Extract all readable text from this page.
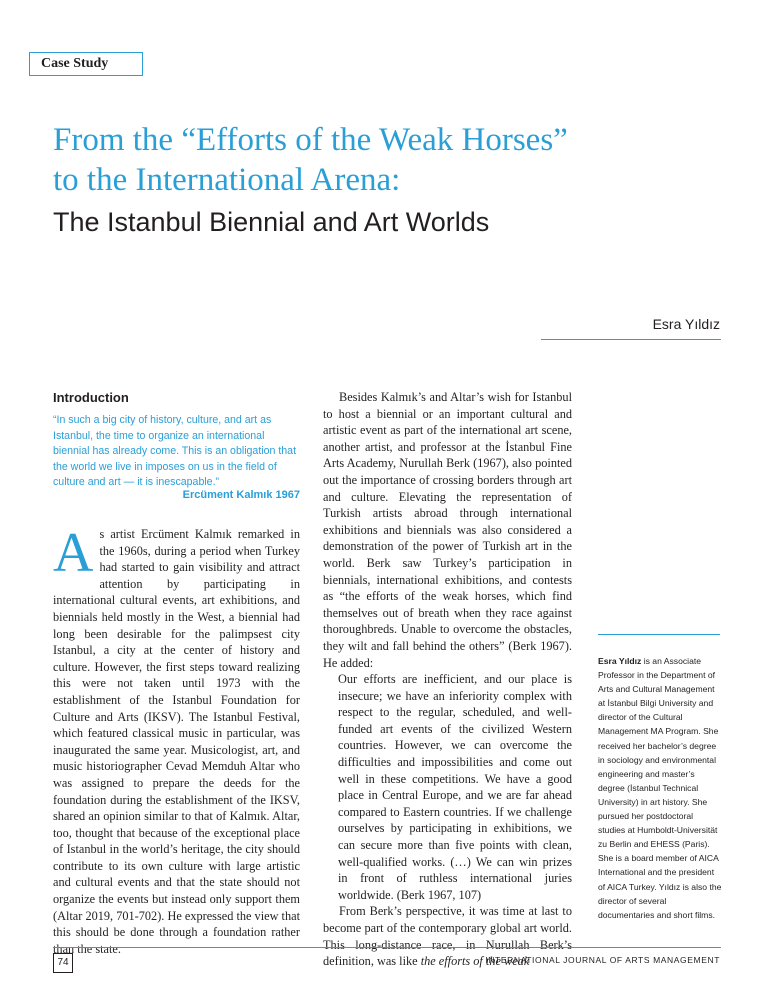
Case Study
From the “Efforts of the Weak Horses”
to the International Arena:
The Istanbul Biennial and Art Worlds
Esra Yıldız
Introduction
“In such a big city of history, culture, and art as Istanbul, the time to organize an international biennial has already come. This is an obligation that the world we live in imposes on us in the field of culture and art — it is inescapable.”
Ercüment Kalmık 1967

As artist Ercüment Kalmık remarked in the 1960s, during a period when Turkey had started to gain visibility and attract attention by participating in international cultural events, art exhibitions, and biennials held mostly in the West, a biennial had long been desirable for the palimpsest city Istanbul, a city at the center of history and culture. However, the first steps toward realizing this were not taken until 1973 with the establishment of the Istanbul Foundation for Culture and Arts (IKSV). The Istanbul Festival, which featured classical music in particular, was inaugurated the same year. Musicologist, art, and music historiographer Cevad Memduh Altar who was assigned to prepare the deeds for the foundation during the establishment of the IKSV, shared an opinion similar to that of Kalmık. Altar, too, thought that because of the exceptional place of Istanbul in the world’s heritage, the city should contribute to its own culture with large artistic and cultural events and that the state should not organize the events but instead only support them (Altar 2019, 701-702). He expressed the view that this should be done through a foundation rather than the state.

Besides Kalmık’s and Altar’s wish for Istanbul to host a biennial or an important cultural and artistic event as part of the international art scene, another artist, and professor at the İstanbul Fine Arts Academy, Nurullah Berk (1967), also pointed out the importance of crossing borders through art and culture. Elevating the representation of Turkish artists abroad through international exhibitions and biennials was also considered a demonstration of the power of Turkish art in the world. Berk saw Turkey’s participation in biennials, international exhibitions, and contests as “the efforts of the weak horses, which find themselves out of breath when they race against thoroughbreds. Unable to overcome the obstacles, they wilt and fall behind the others” (Berk 1967). He added:

Our efforts are inefficient, and our place is insecure; we have an inferiority complex with respect to the regular, scheduled, and well-funded art events of the civilized Western countries. However, we can overcome the difficulties and impossibilities and come out well in these competitions. We have a good place in Central Europe, and we are far ahead compared to Eastern countries. If we challenge ourselves by participating in exhibitions, we can secure more than five points with clean, well-qualified works. (…) We can win prizes in front of ruthless international juries worldwide. (Berk 1967, 107)

From Berk’s perspective, it was time at last to become part of the contemporary global art world. This long-distance race, in Nurullah Berk’s definition, was like the efforts of the weak

Esra Yıldız is an Associate Professor in the Department of Arts and Cultural Management at İstanbul Bilgi University and director of the Cultural Management MA Program. She received her bachelor’s degree in sociology and environmental engineering and master’s degree (İstanbul Technical University) in art history. She pursued her postdoctoral studies at Humboldt-Universität zu Berlin and EHESS (Paris). She is a board member of AICA International and the president of AICA Turkey. Yıldız is also the director of several documentaries and short films.
74	INTERNATIONAL JOURNAL OF ARTS MANAGEMENT
